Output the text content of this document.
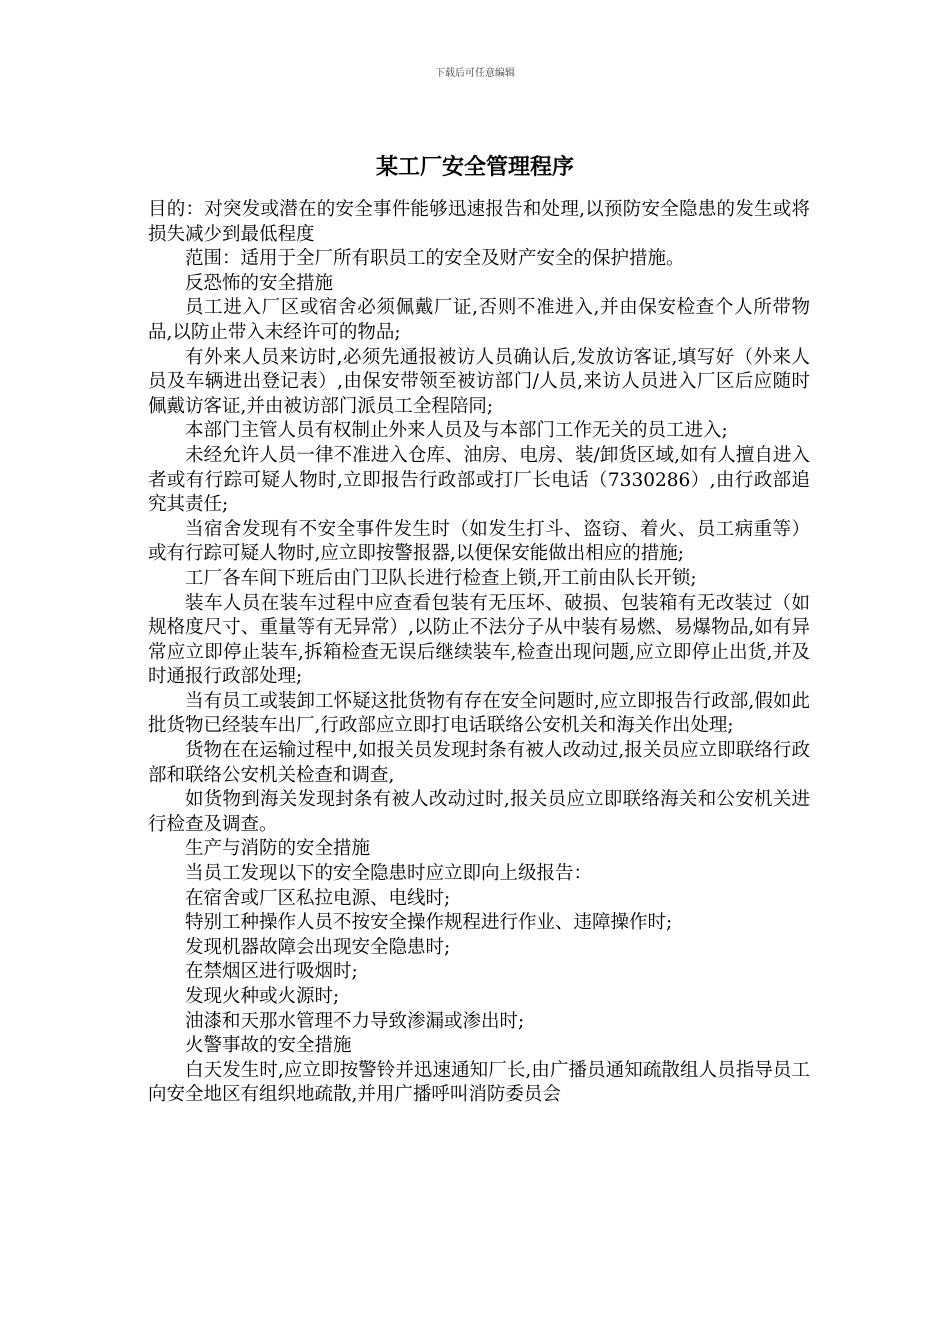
下载后可任意编辑
某工厂安全管理程序

目的：对突发或潜在的安全事件能够迅速报告和处理,以预防安全隐患的发生或将损失减少到最低程度

范围：适用于全厂所有职员工的安全及财产安全的保护措施。

反恐怖的安全措施

员工进入厂区或宿舍必须佩戴厂证,否则不准进入,并由保安检查个人所带物品,以防止带入未经许可的物品;

有外来人员来访时,必须先通报被访人员确认后,发放访客证,填写好（外来人员及车辆进出登记表）,由保安带领至被访部门/人员,来访人员进入厂区后应随时佩戴访客证,并由被访部门派员工全程陪同;

本部门主管人员有权制止外来人员及与本部门工作无关的员工进入;

未经允许人员一律不准进入仓库、油房、电房、装/卸货区域,如有人擅自进入者或有行踪可疑人物时,立即报告行政部或打厂长电话（7330286）,由行政部追究其责任;

当宿舍发现有不安全事件发生时（如发生打斗、盗窃、着火、员工病重等）或有行踪可疑人物时,应立即按警报器,以便保安能做出相应的措施;

工厂各车间下班后由门卫队长进行检查上锁,开工前由队长开锁;

装车人员在装车过程中应查看包装有无压坏、破损、包装箱有无改装过（如规格度尺寸、重量等有无异常）,以防止不法分子从中装有易燃、易爆物品,如有异常应立即停止装车,拆箱检查无误后继续装车,检查出现问题,应立即停止出货,并及时通报行政部处理;

当有员工或装卸工怀疑这批货物有存在安全问题时,应立即报告行政部,假如此批货物已经装车出厂,行政部应立即打电话联络公安机关和海关作出处理;

货物在在运输过程中,如报关员发现封条有被人改动过,报关员应立即联络行政部和联络公安机关检查和调查,

如货物到海关发现封条有被人改动过时,报关员应立即联络海关和公安机关进行检查及调查。

生产与消防的安全措施

当员工发现以下的安全隐患时应立即向上级报告：

在宿舍或厂区私拉电源、电线时;

特别工种操作人员不按安全操作规程进行作业、违障操作时;

发现机器故障会出现安全隐患时;

在禁烟区进行吸烟时;

发现火种或火源时;

油漆和天那水管理不力导致渗漏或渗出时;

火警事故的安全措施

白天发生时,应立即按警铃并迅速通知厂长,由广播员通知疏散组人员指导员工向安全地区有组织地疏散,并用广播呼叫消防委员会
